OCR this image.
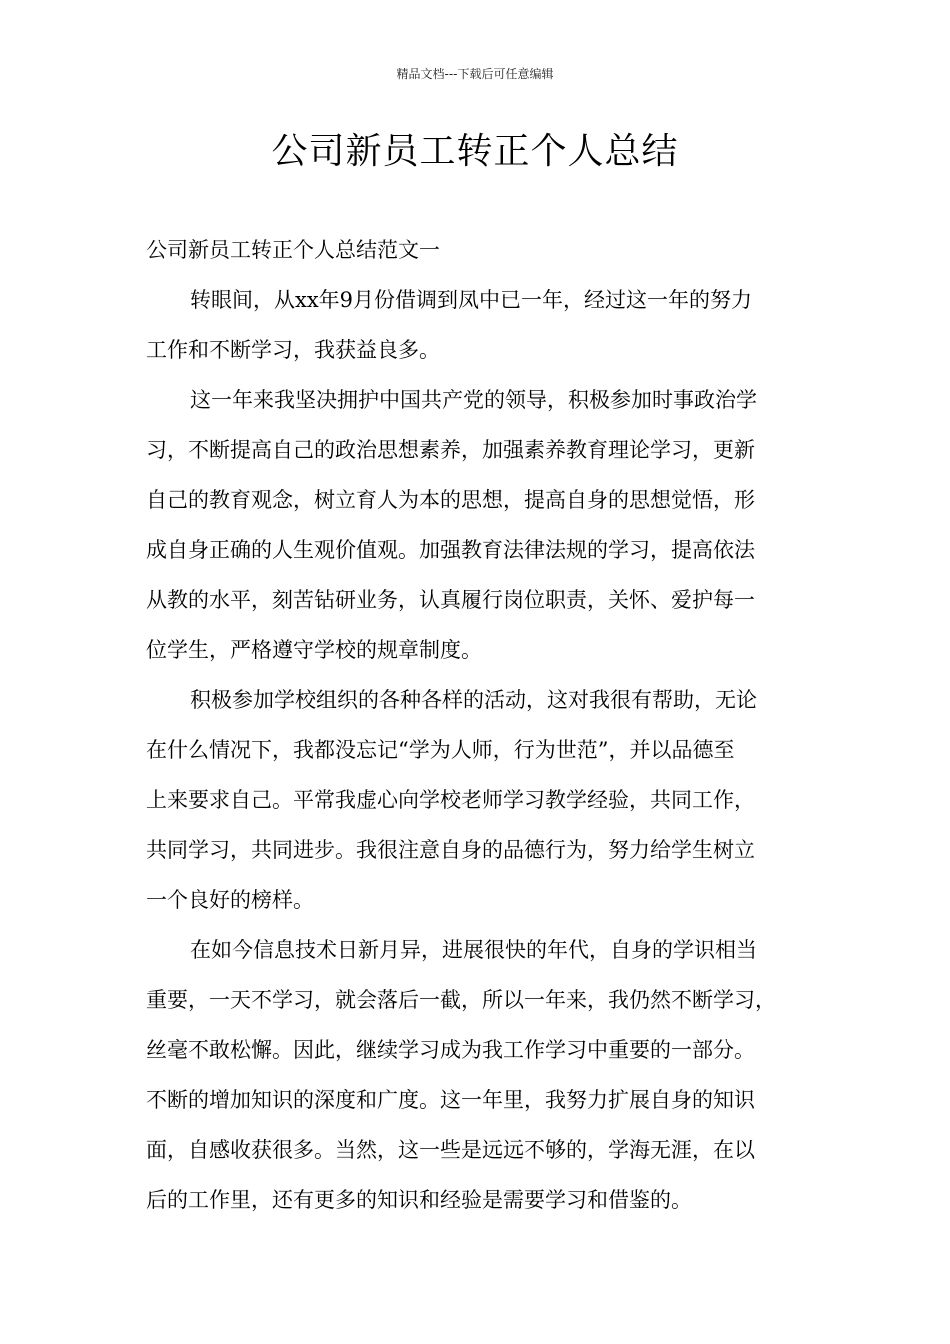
精品文档---下载后可任意编辑
公司新员工转正个人总结
公司新员工转正个人总结范文一
转眼间，从xx年9月份借调到凤中已一年，经过这一年的努力
工作和不断学习，我获益良多。
这一年来我坚决拥护中国共产党的领导，积极参加时事政治学
习，不断提高自己的政治思想素养，加强素养教育理论学习，更新
自己的教育观念，树立育人为本的思想，提高自身的思想觉悟，形
成自身正确的人生观价值观。加强教育法律法规的学习，提高依法
从教的水平，刻苦钻研业务，认真履行岗位职责，关怀、爱护每一
位学生，严格遵守学校的规章制度。
积极参加学校组织的各种各样的活动，这对我很有帮助，无论
在什么情况下，我都没忘记“学为人师，行为世范”，并以品德至
上来要求自己。平常我虚心向学校老师学习教学经验，共同工作，
共同学习，共同进步。我很注意自身的品德行为，努力给学生树立
一个良好的榜样。
在如今信息技术日新月异，进展很快的年代，自身的学识相当
重要，一天不学习，就会落后一截，所以一年来，我仍然不断学习，
丝毫不敢松懈。因此，继续学习成为我工作学习中重要的一部分。
不断的增加知识的深度和广度。这一年里，我努力扩展自身的知识
面，自感收获很多。当然，这一些是远远不够的，学海无涯，在以
后的工作里，还有更多的知识和经验是需要学习和借鉴的。
